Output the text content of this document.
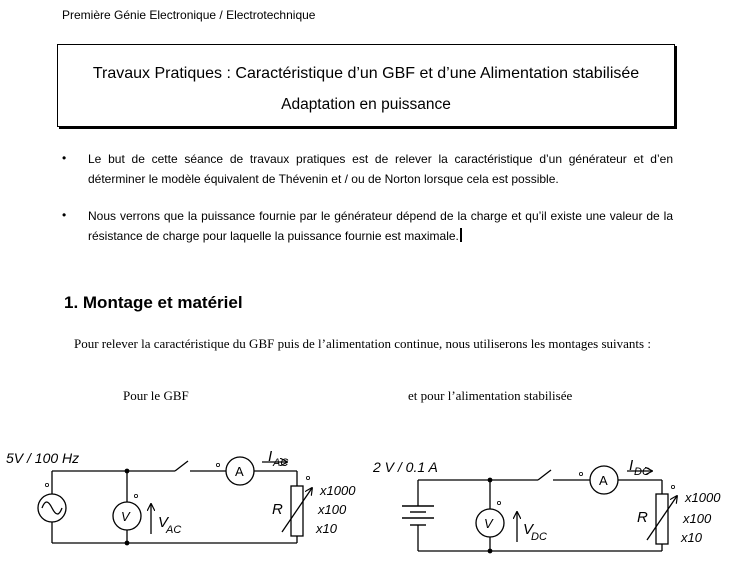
Première Génie Electronique / Electrotechnique
Travaux Pratiques : Caractéristique d’un GBF et d’une Alimentation stabilisée
Adaptation en puissance
• Le but de cette séance de travaux pratiques est de relever la caractéristique d’un générateur et d’en déterminer le modèle équivalent de Thévenin et / ou de Norton lorsque cela est possible.
• Nous verrons que la puissance fournie par le générateur dépend de la charge et qu’il existe une valeur de la résistance de charge pour laquelle la puissance fournie est maximale.
1. Montage et matériel
Pour relever la caractéristique du GBF puis de l’alimentation continue, nous utiliserons les montages suivants :
Pour le GBF	et pour l’alimentation stabilisée
5V / 100 Hz
V
A
I AC
V
AC
R
x1000
x100
x10
2 V / 0.1 A
V
A
I DC
V
DC
R
x1000
x100
x10
